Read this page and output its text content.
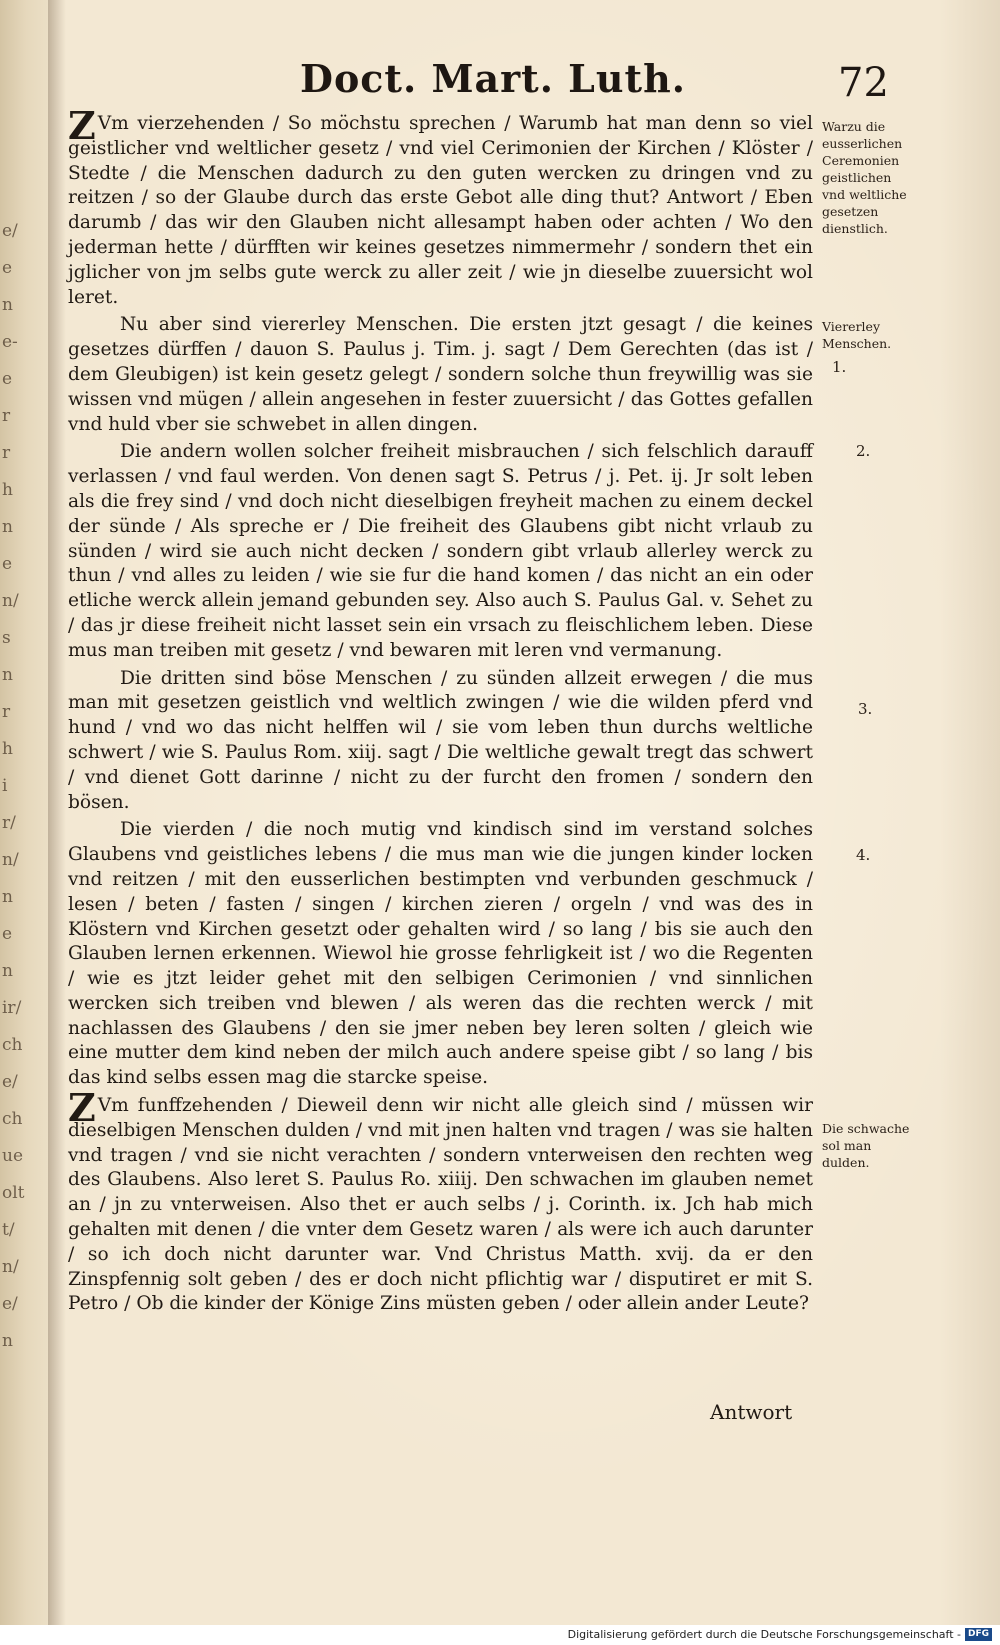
e/
e
n
e-
e
r
r
h
n
e
n/
s
n
r
h
i
r/
n/
n
e
n
ir/
ch
e/
ch
ue
olt
t/
n/
e/
n
Doct. Mart. Luth.	72

Z Vm vierzehenden / So möchstu sprechen / Warumb hat man denn so viel geistlicher vnd weltlicher gesetz / vnd viel Cerimonien der Kirchen / Klöster / Stedte / die Menschen dadurch zu den guten wercken zu dringen vnd zu reitzen / so der Glaube durch das erste Gebot alle ding thut? Antwort / Eben darumb / das wir den Glauben nicht allesampt haben oder achten / Wo den jederman hette / dürfften wir keines gesetzes nimmermehr / sondern thet ein jglicher von jm selbs gute werck zu aller zeit / wie jn dieselbe zuuersicht wol leret.

Nu aber sind viererley Menschen. Die ersten jtzt gesagt / die keines gesetzes dürffen / dauon S. Paulus j. Tim. j. sagt / Dem Gerechten (das ist / dem Gleubigen) ist kein gesetz gelegt / sondern solche thun freywillig was sie wissen vnd mügen / allein angesehen in fester zuuersicht / das Gottes gefallen vnd huld vber sie schwebet in allen dingen.

Die andern wollen solcher freiheit misbrauchen / sich felschlich darauff verlassen / vnd faul werden. Von denen sagt S. Petrus / j. Pet. ij. Jr solt leben als die frey sind / vnd doch nicht dieselbigen freyheit machen zu einem deckel der sünde / Als spreche er / Die freiheit des Glaubens gibt nicht vrlaub zu sünden / wird sie auch nicht decken / sondern gibt vrlaub allerley werck zu thun / vnd alles zu leiden / wie sie fur die hand komen / das nicht an ein oder etliche werck allein jemand gebunden sey. Also auch S. Paulus Gal. v. Sehet zu / das jr diese freiheit nicht lasset sein ein vrsach zu fleischlichem leben. Diese mus man treiben mit gesetz / vnd bewaren mit leren vnd vermanung.

Die dritten sind böse Menschen / zu sünden allzeit erwegen / die mus man mit gesetzen geistlich vnd weltlich zwingen / wie die wilden pferd vnd hund / vnd wo das nicht helffen wil / sie vom leben thun durchs weltliche schwert / wie S. Paulus Rom. xiij. sagt / Die weltliche gewalt tregt das schwert / vnd dienet Gott darinne / nicht zu der furcht den fromen / sondern den bösen.

Die vierden / die noch mutig vnd kindisch sind im verstand solches Glaubens vnd geistliches lebens / die mus man wie die jungen kinder locken vnd reitzen / mit den eusserlichen bestimpten vnd verbunden geschmuck / lesen / beten / fasten / singen / kirchen zieren / orgeln / vnd was des in Klöstern vnd Kirchen gesetzt oder gehalten wird / so lang / bis sie auch den Glauben lernen erkennen. Wiewol hie grosse fehrligkeit ist / wo die Regenten / wie es jtzt leider gehet mit den selbigen Cerimonien / vnd sinnlichen wercken sich treiben vnd blewen / als weren das die rechten werck / mit nachlassen des Glaubens / den sie jmer neben bey leren solten / gleich wie eine mutter dem kind neben der milch auch andere speise gibt / so lang / bis das kind selbs essen mag die starcke speise.

Z Vm funffzehenden / Dieweil denn wir nicht alle gleich sind / müssen wir dieselbigen Menschen dulden / vnd mit jnen halten vnd tragen / was sie halten vnd tragen / vnd sie nicht verachten / sondern vnterweisen den rechten weg des Glaubens. Also leret S. Paulus Ro. xiiij. Den schwachen im glauben nemet an / jn zu vnterweisen. Also thet er auch selbs / j. Corinth. ix. Jch hab mich gehalten mit denen / die vnter dem Gesetz waren / als were ich auch darunter / so ich doch nicht darunter war. Vnd Christus Matth. xvij. da er den Zinspfennig solt geben / des er doch nicht pflichtig war / disputiret er mit S. Petro / Ob die kinder der Könige Zins müsten geben / oder allein ander Leute?

Antwort
Warzu die eusserlichen Ceremonien geistlichen vnd weltliche gesetzen dienstlich.
Viererley Menschen.
1.
2.
3.
4.
Die schwache sol man dulden.
Digitalisierung gefördert durch die Deutsche Forschungsgemeinschaft - DFG
